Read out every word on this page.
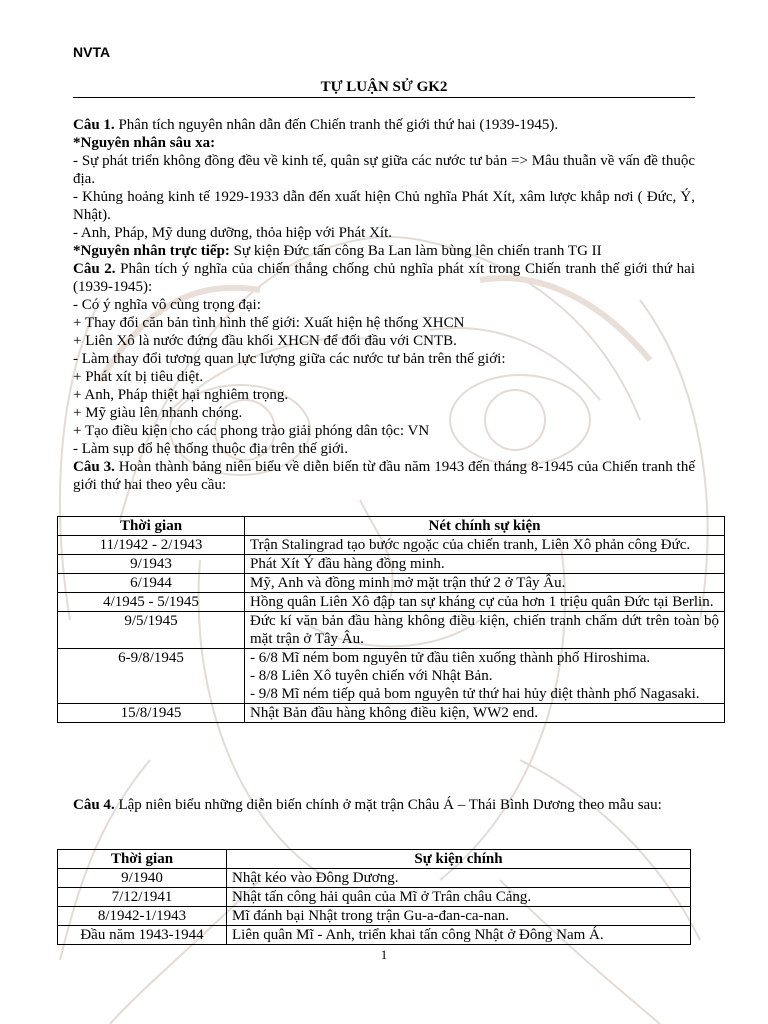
NVTA
TỰ LUẬN SỬ GK2

Câu 1. Phân tích nguyên nhân dẫn đến Chiến tranh thế giới thứ hai (1939-1945).

*Nguyên nhân sâu xa:

- Sự phát triển không đồng đều về kinh tế, quân sự giữa các nước tư bản => Mâu thuẫn về vấn đề thuộc địa.

- Khủng hoảng kinh tế 1929-1933 dẫn đến xuất hiện Chủ nghĩa Phát Xít, xâm lược khắp nơi ( Đức, Ý, Nhật).

- Anh, Pháp, Mỹ dung dưỡng, thỏa hiệp với Phát Xít.

*Nguyên nhân trực tiếp: Sự kiện Đức tấn công Ba Lan làm bùng lên chiến tranh TG II

Câu 2. Phân tích ý nghĩa của chiến thắng chống chủ nghĩa phát xít trong Chiến tranh thế giới thứ hai (1939-1945):

- Có ý nghĩa vô cùng trọng đại:

+ Thay đổi căn bản tình hình thế giới: Xuất hiện hệ thống XHCN

+ Liên Xô là nước đứng đầu khối XHCN để đối đầu với CNTB.

- Làm thay đổi tương quan lực lượng giữa các nước tư bản trên thế giới:

+ Phát xít bị tiêu diệt.

+ Anh, Pháp thiệt hại nghiêm trọng.

+ Mỹ giàu lên nhanh chóng.

+ Tạo điều kiện cho các phong trào giải phóng dân tộc: VN

- Làm sụp đổ hệ thống thuộc địa trên thế giới.

Câu 3. Hoàn thành bảng niên biểu về diễn biến từ đầu năm 1943 đến tháng 8-1945 của Chiến tranh thế giới thứ hai theo yêu cầu:

Thời gian	Nét chính sự kiện
11/1942 - 2/1943	Trận Stalingrad tạo bước ngoặc của chiến tranh, Liên Xô phản công Đức.
9/1943	Phát Xít Ý đầu hàng đồng minh.
6/1944	Mỹ, Anh và đồng minh mở mặt trận thứ 2 ở Tây Âu.
4/1945 - 5/1945	Hồng quân Liên Xô đập tan sự kháng cự của hơn 1 triệu quân Đức tại Berlin.
9/5/1945	Đức kí văn bản đầu hàng không điều kiện, chiến tranh chấm dứt trên toàn bộ mặt trận ở Tây Âu.
6-9/8/1945	- 6/8 Mĩ ném bom nguyên tử đầu tiên xuống thành phố Hiroshima.
- 8/8 Liên Xô tuyên chiến với Nhật Bản.
- 9/8 Mĩ ném tiếp quả bom nguyên tử thứ hai hủy diệt thành phố Nagasaki.

15/8/1945	Nhật Bản đầu hàng không điều kiện, WW2 end.

Câu 4. Lập niên biểu những diễn biến chính ở mặt trận Châu Á – Thái Bình Dương theo mẫu sau:

Thời gian	Sự kiện chính
9/1940	Nhật kéo vào Đông Dương.
7/12/1941	Nhật tấn công hải quân của Mĩ ở Trân châu Cảng.
8/1942-1/1943	Mĩ đánh bại Nhật trong trận Gu-a-đan-ca-nan.
Đầu năm 1943-1944	Liên quân Mĩ - Anh, triển khai tấn công Nhật ở Đông Nam Á.
1
